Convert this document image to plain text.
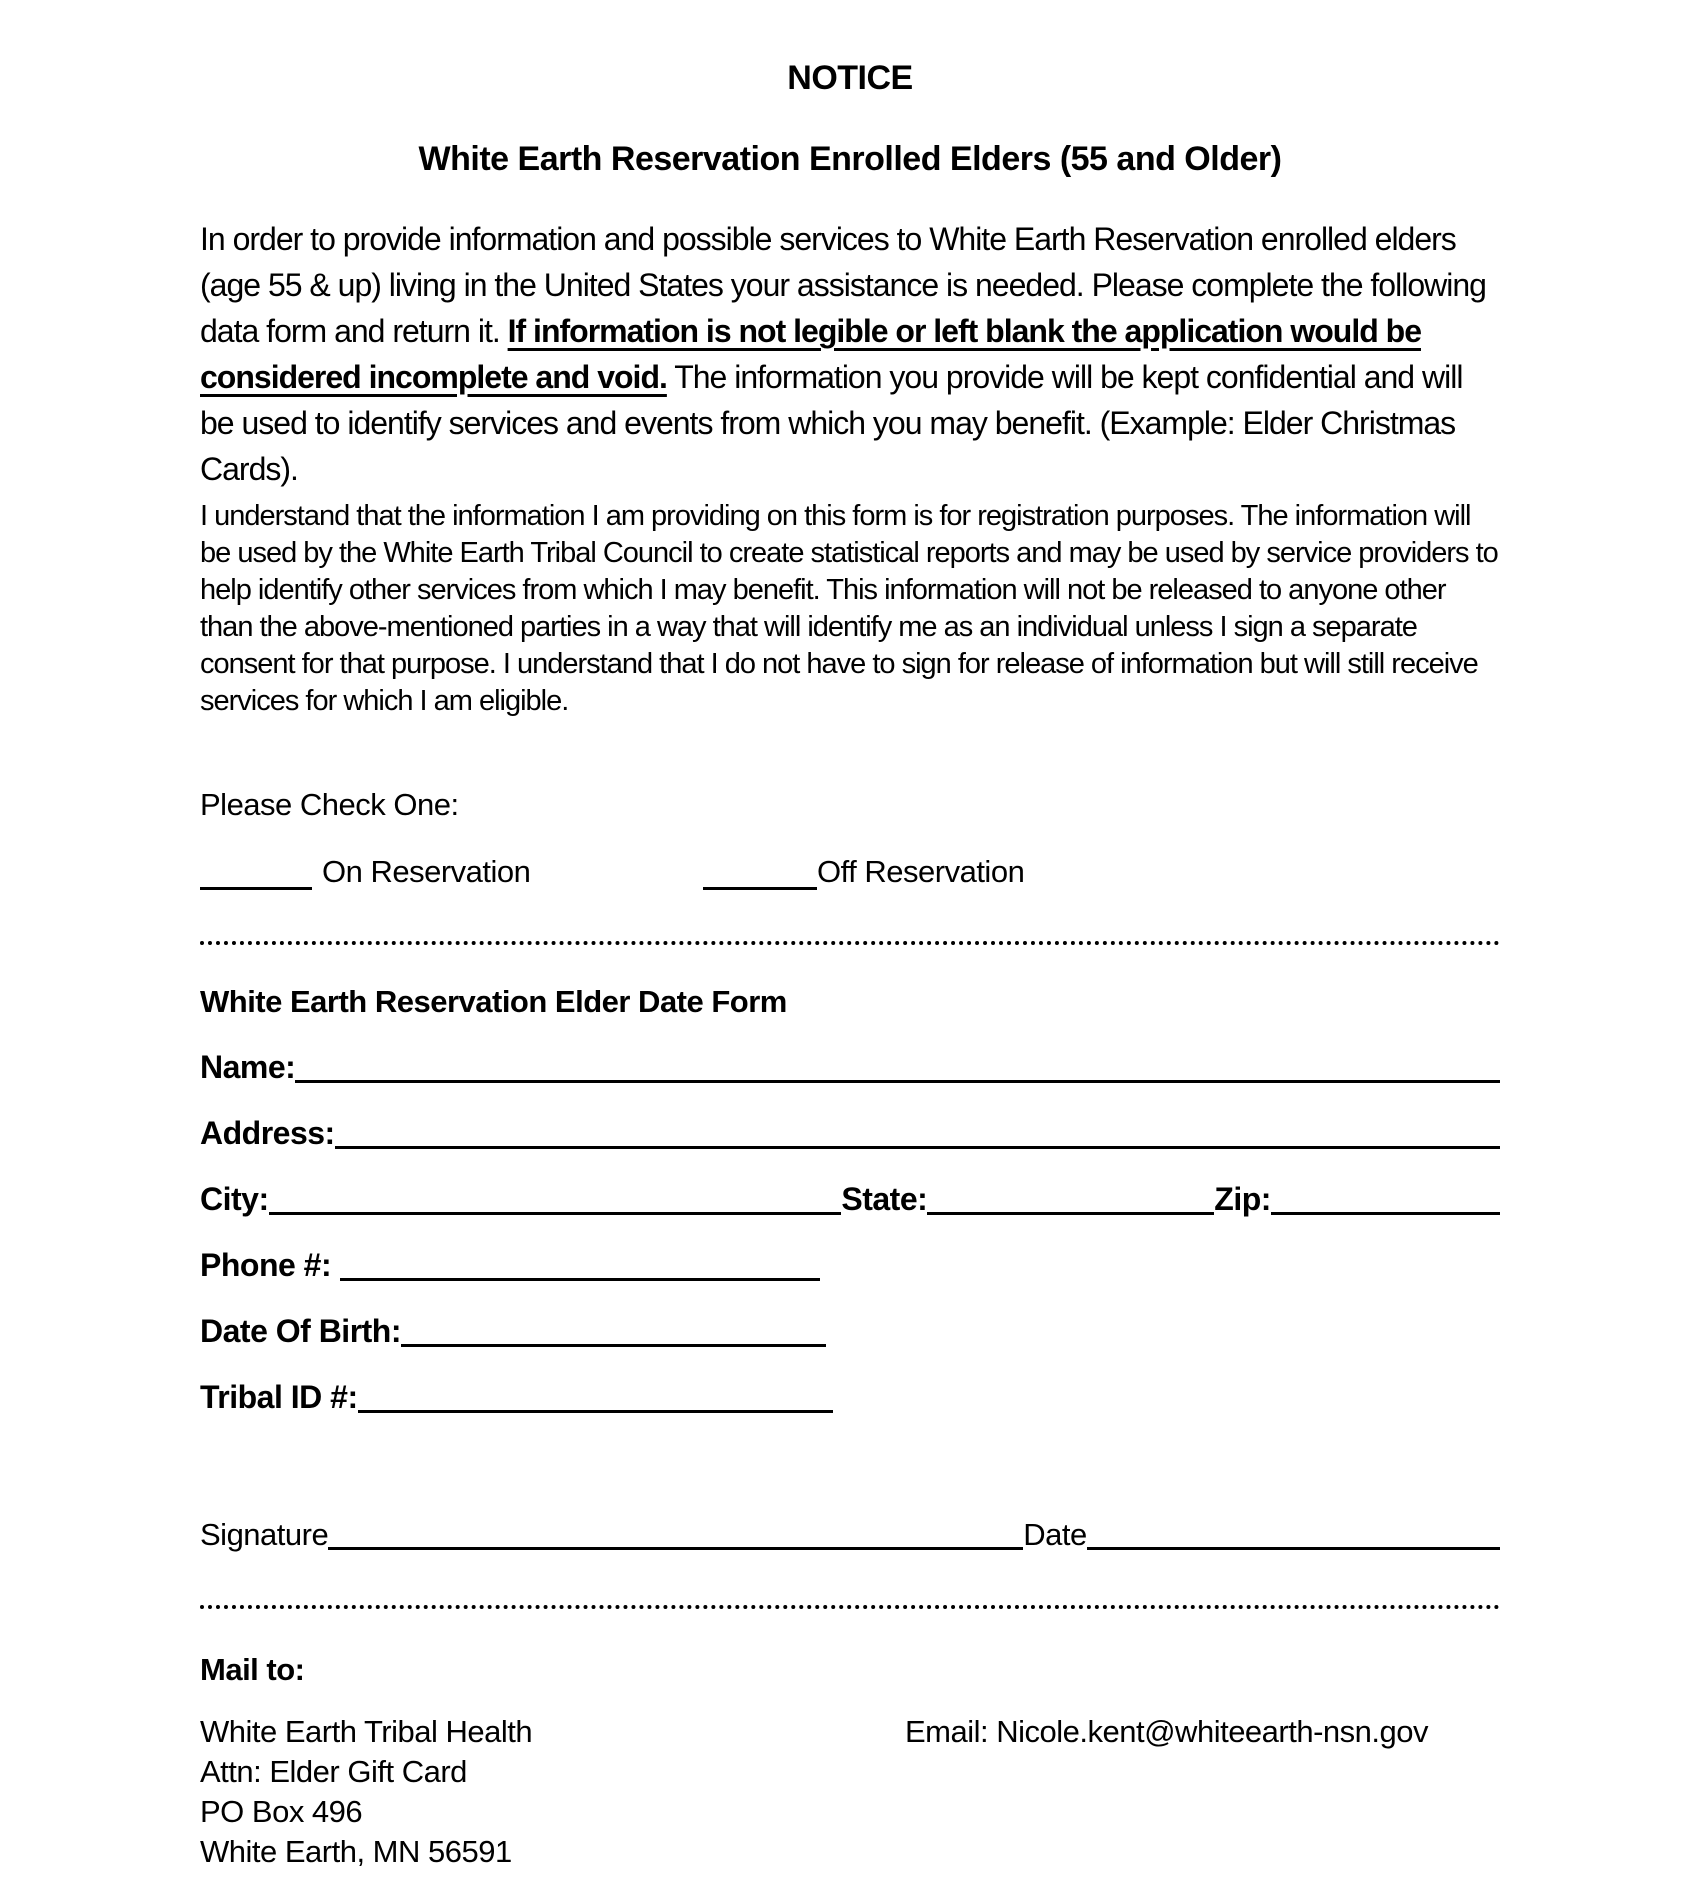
NOTICE
White Earth Reservation Enrolled Elders (55 and Older)

In order to provide information and possible services to White Earth Reservation enrolled elders (age 55 & up) living in the United States your assistance is needed. Please complete the following data form and return it. If information is not legible or left blank the application would be considered incomplete and void. The information you provide will be kept confidential and will be used to identify services and events from which you may benefit. (Example: Elder Christmas Cards).

I understand that the information I am providing on this form is for registration purposes. The information will be used by the White Earth Tribal Council to create statistical reports and may be used by service providers to help identify other services from which I may benefit. This information will not be released to anyone other than the above-mentioned parties in a way that will identify me as an individual unless I sign a separate consent for that purpose. I understand that I do not have to sign for release of information but will still receive services for which I am eligible.

Please Check One:
On Reservation	Off Reservation
White Earth Reservation Elder Date Form
Name:
Address:
City:	State:	Zip:
Phone #:
Date Of Birth:
Tribal ID #:
Signature	Date
Mail to:
White Earth Tribal Health
Attn: Elder Gift Card
PO Box 496
White Earth, MN 56591
Email: Nicole.kent@whiteearth-nsn.gov
